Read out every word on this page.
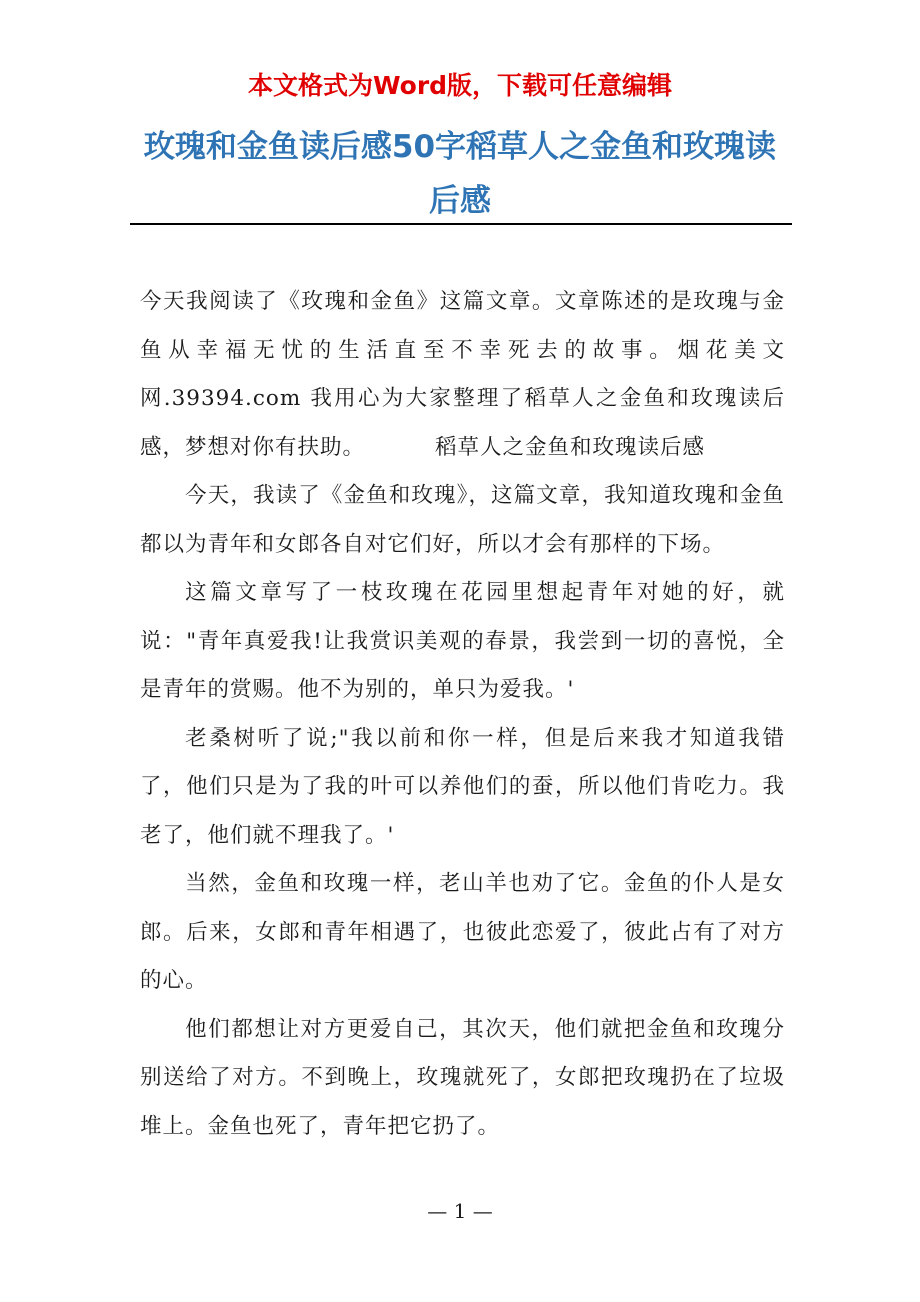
本文格式为Word版，下载可任意编辑
玫瑰和金鱼读后感50字稻草人之金鱼和玫瑰读后感

今天我阅读了《玫瑰和金鱼》这篇文章。文章陈述的是玫瑰与金鱼从幸福无忧的生活直至不幸死去的故事。烟花美文网.39394.com 我用心为大家整理了稻草人之金鱼和玫瑰读后感，梦想对你有扶助。	稻草人之金鱼和玫瑰读后感

今天，我读了《金鱼和玫瑰》，这篇文章，我知道玫瑰和金鱼都以为青年和女郎各自对它们好，所以才会有那样的下场。

这篇文章写了一枝玫瑰在花园里想起青年对她的好，就说："青年真爱我!让我赏识美观的春景，我尝到一切的喜悦，全是青年的赏赐。他不为别的，单只为爱我。'

老桑树听了说;"我以前和你一样，但是后来我才知道我错了，他们只是为了我的叶可以养他们的蚕，所以他们肯吃力。我老了，他们就不理我了。'

当然，金鱼和玫瑰一样，老山羊也劝了它。金鱼的仆人是女郎。后来，女郎和青年相遇了，也彼此恋爱了，彼此占有了对方的心。

他们都想让对方更爱自己，其次天，他们就把金鱼和玫瑰分别送给了对方。不到晚上，玫瑰就死了，女郎把玫瑰扔在了垃圾堆上。金鱼也死了，青年把它扔了。

— 1 —
